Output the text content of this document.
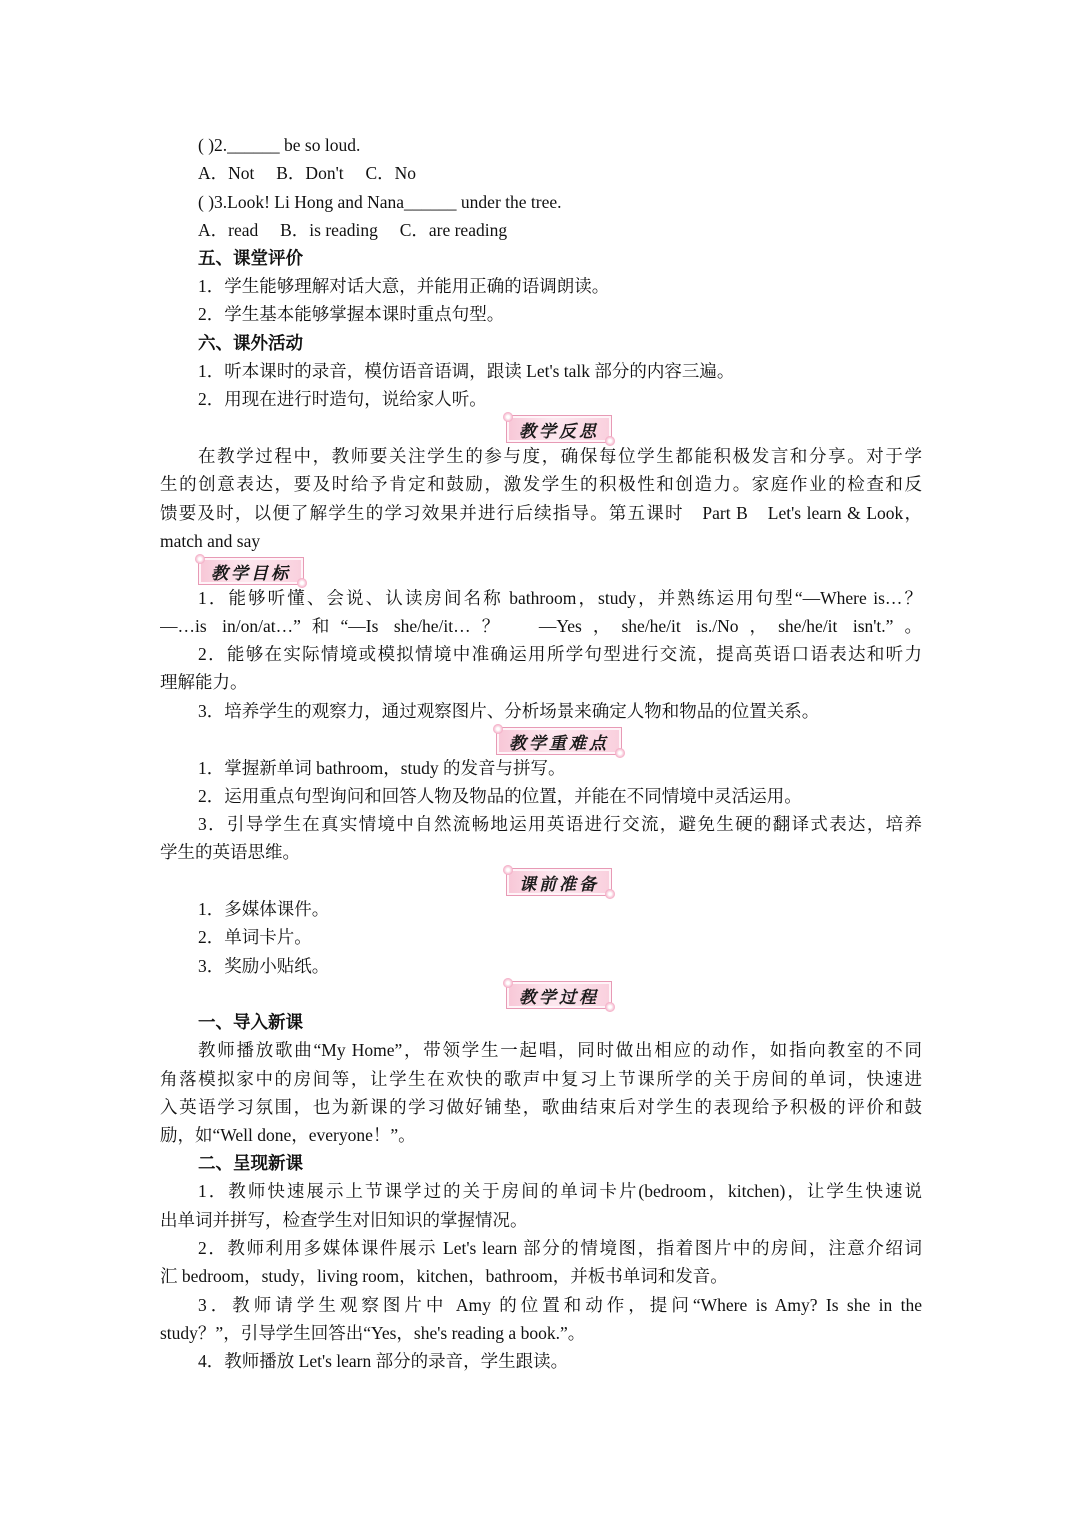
( )2.______ be so loud.
A．Not     B．Don't     C．No
( )3.Look! Li Hong and Nana______ under the tree.
A．read     B．is reading     C．are reading
五、课堂评价
1．学生能够理解对话大意，并能用正确的语调朗读。
2．学生基本能够掌握本课时重点句型。
六、课外活动
1．听本课时的录音，模仿语音语调，跟读 Let's talk 部分的内容三遍。
2．用现在进行时造句，说给家人听。
教学反思
在教学过程中，教师要关注学生的参与度，确保每位学生都能积极发言和分享。对于学
生的创意表达，要及时给予肯定和鼓励，激发学生的积极性和创造力。家庭作业的检查和反
馈要及时，以便了解学生的学习效果并进行后续指导。第五课时　Part B　Let's learn & Look，
match and say
教学目标
1．能够听懂、会说、认读房间名称 bathroom，study，并熟练运用句型“—Where is…？
—…is in/on/at…”和“—Is she/he/it…？　—Yes，she/he/it is./No，she/he/it isn't.”。
2．能够在实际情境或模拟情境中准确运用所学句型进行交流，提高英语口语表达和听力
理解能力。
3．培养学生的观察力，通过观察图片、分析场景来确定人物和物品的位置关系。
教学重难点
1．掌握新单词 bathroom，study 的发音与拼写。
2．运用重点句型询问和回答人物及物品的位置，并能在不同情境中灵活运用。
3．引导学生在真实情境中自然流畅地运用英语进行交流，避免生硬的翻译式表达，培养
学生的英语思维。
课前准备
1．多媒体课件。
2．单词卡片。
3．奖励小贴纸。
教学过程
一、导入新课
教师播放歌曲“My Home”，带领学生一起唱，同时做出相应的动作，如指向教室的不同
角落模拟家中的房间等，让学生在欢快的歌声中复习上节课所学的关于房间的单词，快速进
入英语学习氛围，也为新课的学习做好铺垫，歌曲结束后对学生的表现给予积极的评价和鼓
励，如“Well done，everyone！”。
二、呈现新课
1．教师快速展示上节课学过的关于房间的单词卡片(bedroom，kitchen)，让学生快速说
出单词并拼写，检查学生对旧知识的掌握情况。
2．教师利用多媒体课件展示 Let's learn 部分的情境图，指着图片中的房间，注意介绍词
汇 bedroom，study，living room，kitchen，bathroom，并板书单词和发音。
3．教师请学生观察图片中 Amy 的位置和动作，提问“Where is Amy? Is she in the
study？”，引导学生回答出“Yes，she's reading a book.”。
4．教师播放 Let's learn 部分的录音，学生跟读。
